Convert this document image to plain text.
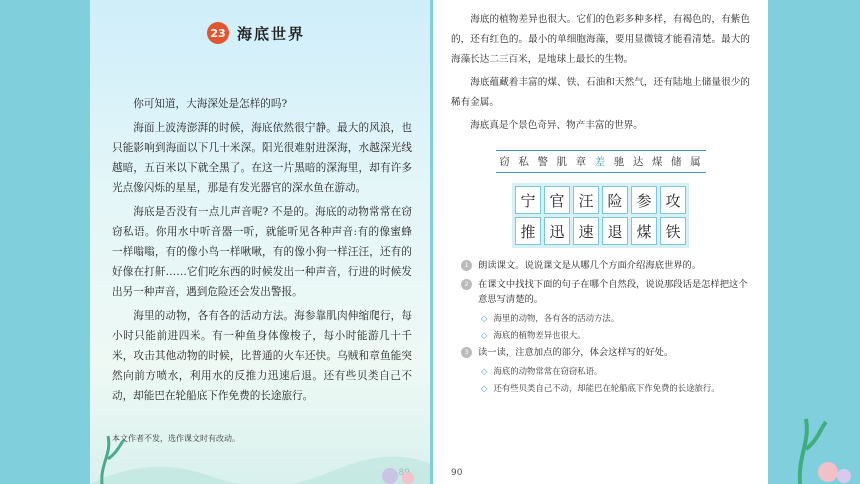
23 海底世界

你可知道，大海深处是怎样的吗?

海面上波涛澎湃的时候，海底依然很宁静。最大的风浪，也只能影响到海面以下几十米深。阳光很难射进深海，水越深光线越暗，五百米以下就全黑了。在这一片黑暗的深海里，却有许多光点像闪烁的星星，那是有发光器官的深水鱼在游动。

海底是否没有一点儿声音呢? 不是的。海底的动物常常在窃窃私语。你用水中听音器一听，就能听见各种声音:有的像蜜蜂一样嗡嗡，有的像小鸟一样啾啾，有的像小狗一样汪汪，还有的好像在打鼾……它们吃东西的时候发出一种声音，行进的时候发出另一种声音，遇到危险还会发出警报。

海里的动物，各有各的活动方法。海参靠肌肉伸缩爬行，每小时只能前进四米。有一种鱼身体像梭子，每小时能游几十千米，攻击其他动物的时候，比普通的火车还快。乌贼和章鱼能突然向前方喷水，利用水的反推力迅速后退。还有些贝类自己不动，却能巴在轮船底下作免费的长途旅行。

本文作者不发，选作课文时有改动。

海底的植物差异也很大。它们的色彩多种多样，有褐色的，有紫色的，还有红色的。最小的单细胞海藻，要用显微镜才能看清楚。最大的海藻长达二三百米，是地球上最长的生物。

海底蕴藏着丰富的煤、铁、石油和天然气，还有陆地上储量很少的稀有金属。

海底真是个景色奇异、物产丰富的世界。

窃 私 警 肌 章 差 驰 达 煤 储 属
宁 官 汪 险 参 攻
推 迅 速 退 煤 铁
1	朗读课文。说说课文是从哪几个方面介绍海底世界的。
2	在课文中找找下面的句子在哪个自然段，说说那段话是怎样把这个意思写清楚的。
◇ 海里的动物，各有各的活动方法。
◇ 海底的植物差异也很大。
3	读一读，注意加点的部分，体会这样写的好处。
◇ 海底的动物常常在窃窃私语。
◇ 还有些贝类自己不动，却能巴在轮船底下作免费的长途旅行。
90
